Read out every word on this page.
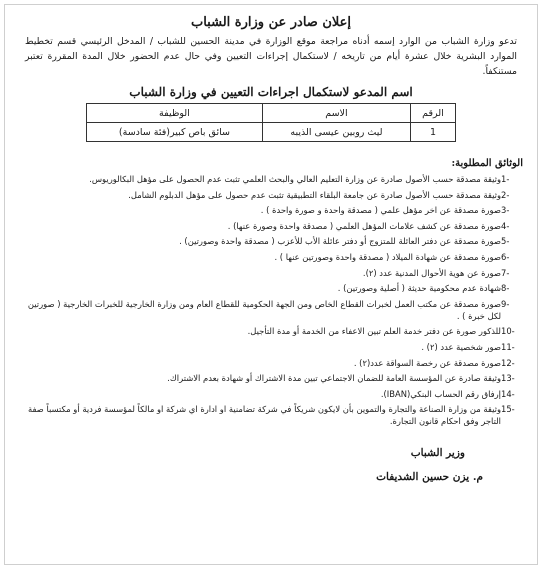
إعلان صادر عن وزارة الشباب

تدعو وزارة الشباب من الوارد إسمه أدناه مراجعة موقع الوزارة في مدينة الحسين للشباب / المدخل الرئيسي قسم تخطيط الموارد البشرية خلال عشرة أيام من تاريخه / لاستكمال إجراءات التعيين وفي حال عدم الحضور خلال المدة المقررة تعتبر مستنكفاً.

اسم المدعو لاستكمال اجراءات التعيين في وزارة الشباب
الرقم	الاسم	الوظيفة
1	ليث روبين عيسى الذيبه	سائق باص كبير(فئة سادسة)
الوثائق المطلوبة:
1-
وثيقة مصدقة حسب الأصول صادرة عن وزارة التعليم العالي والبحث العلمي تثبت عدم الحصول على مؤهل البكالوريوس.
2-
وثيقة مصدقة حسب الأصول صادرة عن جامعة البلقاء التطبيقية تثبت عدم حصول على مؤهل الدبلوم الشامل.
3-
صورة مصدقة عن اخر مؤهل علمي ( مصدقة واحدة و صورة واحدة ) .
4-
صورة مصدقة عن كشف علامات المؤهل العلمي ( مصدقة واحدة وصورة عنها) .
5-
صورة مصدقة عن دفتر العائلة للمتزوج أو دفتر عائلة الأب للأعزب ( مصدقة واحدة وصورتين) .
6-
صورة مصدقة عن شهادة الميلاد ( مصدقة واحدة وصورتين عنها ) .
7-
صورة عن هوية الأحوال المدنية عدد (٢).
8-
شهادة عدم محكومية حديثة ( أصلية وصورتين) .
9-
صورة مصدقة عن مكتب العمل لخبرات القطاع الخاص ومن الجهة الحكومية للقطاع العام ومن وزارة الخارجية للخبرات الخارجية ( صورتين لكل خبرة ) .
10-
للذكور صورة عن دفتر خدمة العلم تبين الاعفاء من الخدمة أو مدة التأجيل.
11-
صور شخصية عدد (٢) .
12-
صورة مصدقة عن رخصة السواقة عدد(٢) .
13-
وثيقة صادرة عن المؤسسة العامة للضمان الاجتماعي تبين مدة الاشتراك أو شهادة بعدم الاشتراك.
14-
إرفاق رقم الحساب البنكي(IBAN).
15-
وثيقة من وزارة الصناعة والتجارة والتموين بأن لايكون شريكاً في شركة تضامنية او ادارة اي شركة او مالكاً لمؤسسة فردية أو مكتسباً صفة التاجر وفق احكام قانون التجارة.
وزير الشباب
م. يزن حسين الشديفات
